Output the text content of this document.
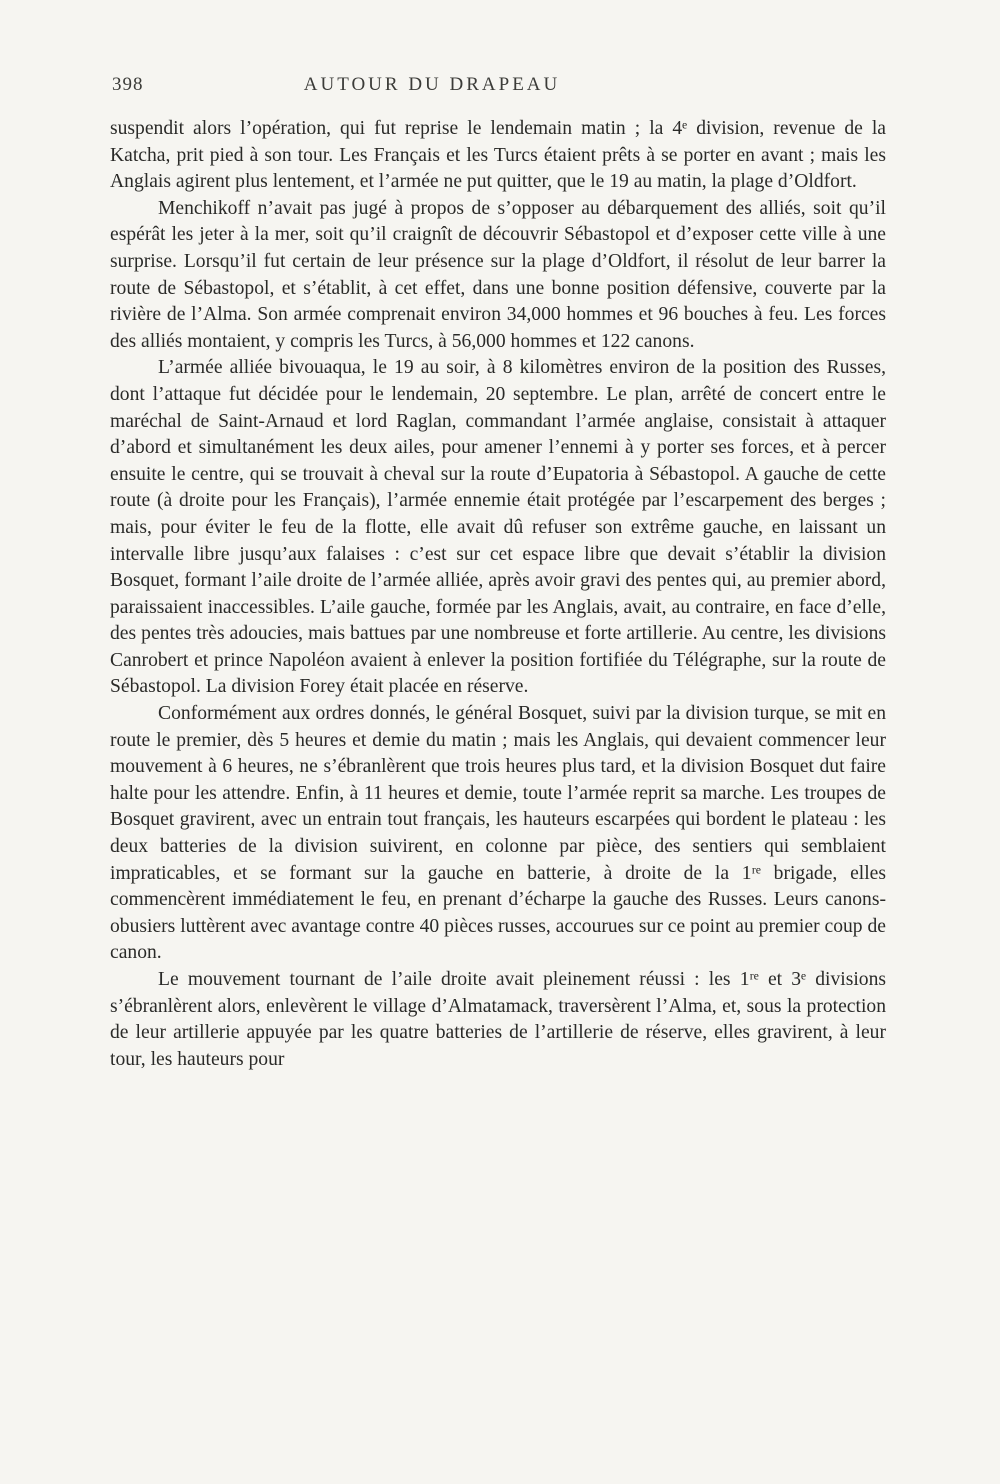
398	AUTOUR DU DRAPEAU

suspendit alors l’opération, qui fut reprise le lendemain matin ; la 4ᵉ division, revenue de la Katcha, prit pied à son tour. Les Français et les Turcs étaient prêts à se porter en avant ; mais les Anglais agirent plus lentement, et l’armée ne put quitter, que le 19 au matin, la plage d’Oldfort.

Menchikoff n’avait pas jugé à propos de s’opposer au débarquement des alliés, soit qu’il espérât les jeter à la mer, soit qu’il craignît de découvrir Sébastopol et d’exposer cette ville à une surprise. Lorsqu’il fut certain de leur présence sur la plage d’Oldfort, il résolut de leur barrer la route de Sébastopol, et s’établit, à cet effet, dans une bonne position défensive, couverte par la rivière de l’Alma. Son armée comprenait environ 34,000 hommes et 96 bouches à feu. Les forces des alliés montaient, y compris les Turcs, à 56,000 hommes et 122 canons.

L’armée alliée bivouaqua, le 19 au soir, à 8 kilomètres environ de la position des Russes, dont l’attaque fut décidée pour le lendemain, 20 septembre. Le plan, arrêté de concert entre le maréchal de Saint-Arnaud et lord Raglan, commandant l’armée anglaise, consistait à attaquer d’abord et simultanément les deux ailes, pour amener l’ennemi à y porter ses forces, et à percer ensuite le centre, qui se trouvait à cheval sur la route d’Eupatoria à Sébastopol. A gauche de cette route (à droite pour les Français), l’armée ennemie était protégée par l’escarpement des berges ; mais, pour éviter le feu de la flotte, elle avait dû refuser son extrême gauche, en laissant un intervalle libre jusqu’aux falaises : c’est sur cet espace libre que devait s’établir la division Bosquet, formant l’aile droite de l’armée alliée, après avoir gravi des pentes qui, au premier abord, paraissaient inaccessibles. L’aile gauche, formée par les Anglais, avait, au contraire, en face d’elle, des pentes très adoucies, mais battues par une nombreuse et forte artillerie. Au centre, les divisions Canrobert et prince Napoléon avaient à enlever la position fortifiée du Télégraphe, sur la route de Sébastopol. La division Forey était placée en réserve.

Conformément aux ordres donnés, le général Bosquet, suivi par la division turque, se mit en route le premier, dès 5 heures et demie du matin ; mais les Anglais, qui devaient commencer leur mouvement à 6 heures, ne s’ébranlèrent que trois heures plus tard, et la division Bosquet dut faire halte pour les attendre. Enfin, à 11 heures et demie, toute l’armée reprit sa marche. Les troupes de Bosquet gravirent, avec un entrain tout français, les hauteurs escarpées qui bordent le plateau : les deux batteries de la division suivirent, en colonne par pièce, des sentiers qui semblaient impraticables, et se formant sur la gauche en batterie, à droite de la 1ʳᵉ brigade, elles commencèrent immédiatement le feu, en prenant d’écharpe la gauche des Russes. Leurs canons-obusiers luttèrent avec avantage contre 40 pièces russes, accourues sur ce point au premier coup de canon.

Le mouvement tournant de l’aile droite avait pleinement réussi : les 1ʳᵉ et 3ᵉ divisions s’ébranlèrent alors, enlevèrent le village d’Almatamack, traversèrent l’Alma, et, sous la protection de leur artillerie appuyée par les quatre batteries de l’artillerie de réserve, elles gravirent, à leur tour, les hauteurs pour
